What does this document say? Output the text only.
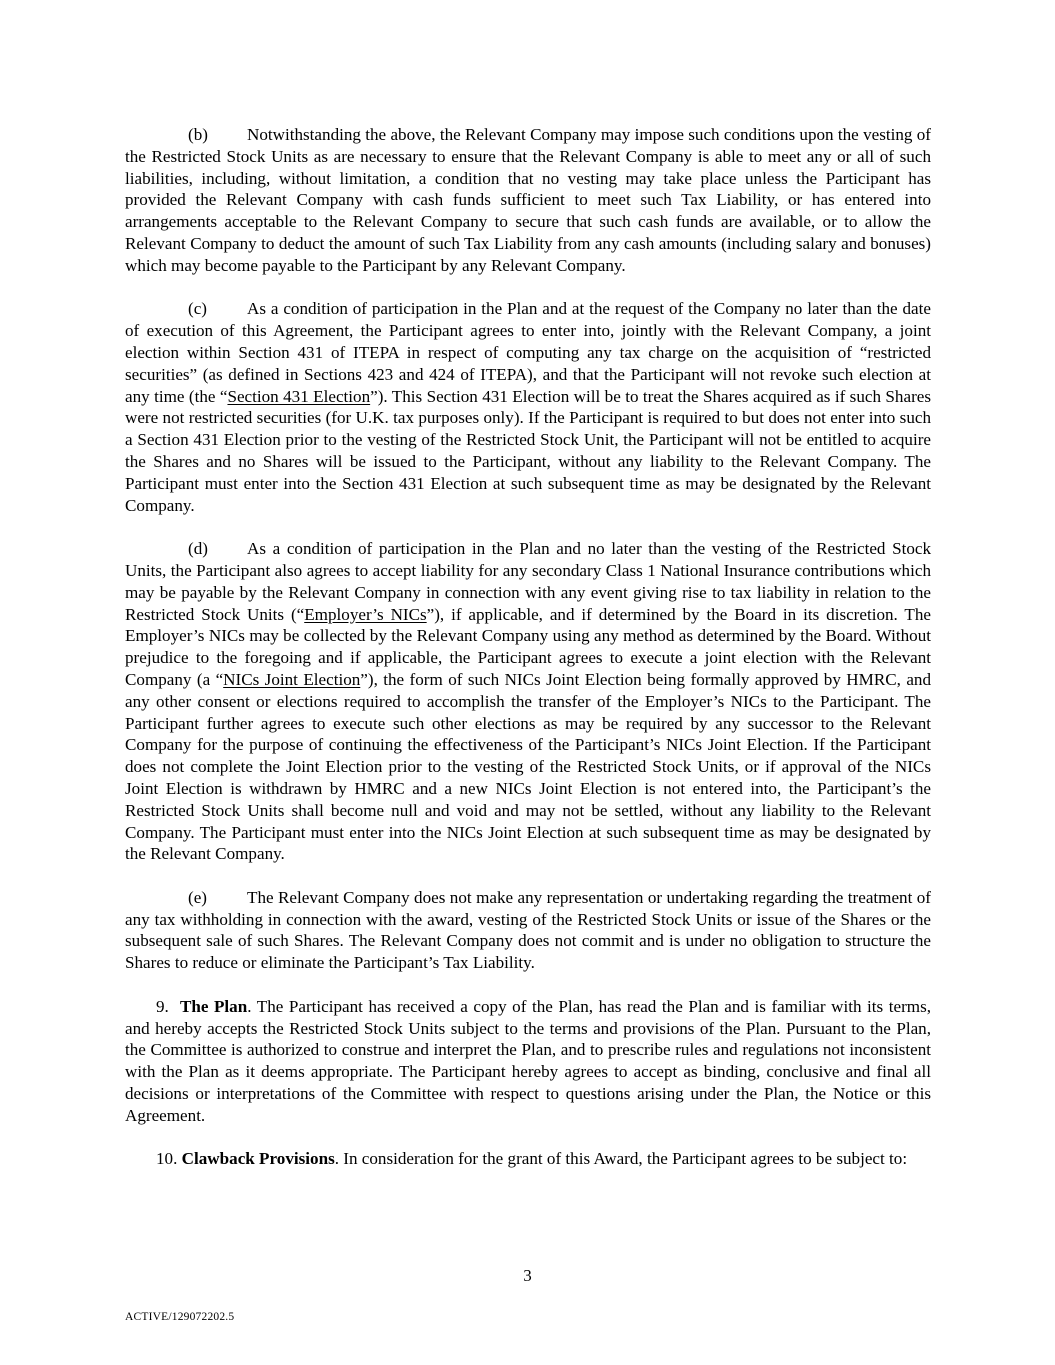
(b) Notwithstanding the above, the Relevant Company may impose such conditions upon the vesting of the Restricted Stock Units as are necessary to ensure that the Relevant Company is able to meet any or all of such liabilities, including, without limitation, a condition that no vesting may take place unless the Participant has provided the Relevant Company with cash funds sufficient to meet such Tax Liability, or has entered into arrangements acceptable to the Relevant Company to secure that such cash funds are available, or to allow the Relevant Company to deduct the amount of such Tax Liability from any cash amounts (including salary and bonuses) which may become payable to the Participant by any Relevant Company.

(c) As a condition of participation in the Plan and at the request of the Company no later than the date of execution of this Agreement, the Participant agrees to enter into, jointly with the Relevant Company, a joint election within Section 431 of ITEPA in respect of computing any tax charge on the acquisition of “restricted securities” (as defined in Sections 423 and 424 of ITEPA), and that the Participant will not revoke such election at any time (the “Section 431 Election”). This Section 431 Election will be to treat the Shares acquired as if such Shares were not restricted securities (for U.K. tax purposes only). If the Participant is required to but does not enter into such a Section 431 Election prior to the vesting of the Restricted Stock Unit, the Participant will not be entitled to acquire the Shares and no Shares will be issued to the Participant, without any liability to the Relevant Company. The Participant must enter into the Section 431 Election at such subsequent time as may be designated by the Relevant Company.

(d) As a condition of participation in the Plan and no later than the vesting of the Restricted Stock Units, the Participant also agrees to accept liability for any secondary Class 1 National Insurance contributions which may be payable by the Relevant Company in connection with any event giving rise to tax liability in relation to the Restricted Stock Units (“Employer’s NICs”), if applicable, and if determined by the Board in its discretion. The Employer’s NICs may be collected by the Relevant Company using any method as determined by the Board. Without prejudice to the foregoing and if applicable, the Participant agrees to execute a joint election with the Relevant Company (a “NICs Joint Election”), the form of such NICs Joint Election being formally approved by HMRC, and any other consent or elections required to accomplish the transfer of the Employer’s NICs to the Participant. The Participant further agrees to execute such other elections as may be required by any successor to the Relevant Company for the purpose of continuing the effectiveness of the Participant’s NICs Joint Election. If the Participant does not complete the Joint Election prior to the vesting of the Restricted Stock Units, or if approval of the NICs Joint Election is withdrawn by HMRC and a new NICs Joint Election is not entered into, the Participant’s the Restricted Stock Units shall become null and void and may not be settled, without any liability to the Relevant Company. The Participant must enter into the NICs Joint Election at such subsequent time as may be designated by the Relevant Company.

(e) The Relevant Company does not make any representation or undertaking regarding the treatment of any tax withholding in connection with the award, vesting of the Restricted Stock Units or issue of the Shares or the subsequent sale of such Shares. The Relevant Company does not commit and is under no obligation to structure the Shares to reduce or eliminate the Participant’s Tax Liability.

9. The Plan. The Participant has received a copy of the Plan, has read the Plan and is familiar with its terms, and hereby accepts the Restricted Stock Units subject to the terms and provisions of the Plan. Pursuant to the Plan, the Committee is authorized to construe and interpret the Plan, and to prescribe rules and regulations not inconsistent with the Plan as it deems appropriate. The Participant hereby agrees to accept as binding, conclusive and final all decisions or interpretations of the Committee with respect to questions arising under the Plan, the Notice or this Agreement.

10. Clawback Provisions. In consideration for the grant of this Award, the Participant agrees to be subject to:

3
ACTIVE/129072202.5
